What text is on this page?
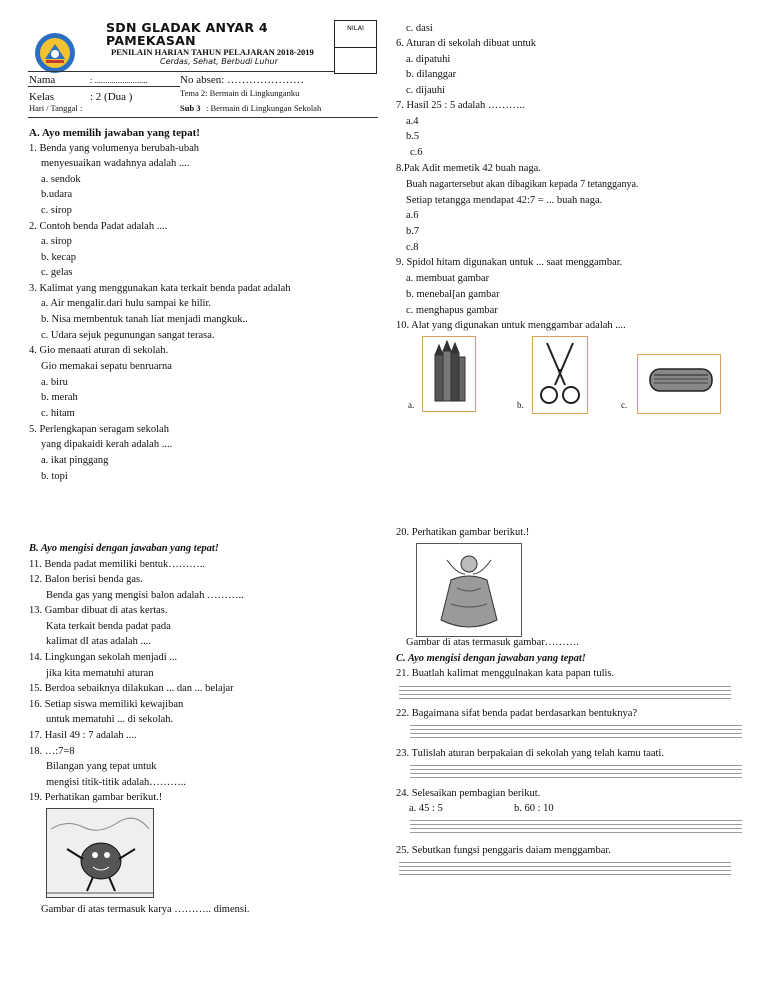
SDN GLADAK ANYAR 4
PAMEKASAN
PENILAIN HARIAN TAHUN PELAJARAN 2018-2019
Cerdas, Sehat, Berbudi Luhur
NILAI
Nama	: .........................	No absen: …………………
Kelas	: 2 (Dua )	Tema 2: Bermain di Lingkunganku
Hari / Tanggal :	Sub 3 : Bermain di Lingkungan Sekolah
A. Ayo memilih jawaban yang tepat!
1. Benda yang volumenya berubah-ubah
menyesuaikan wadahnya adalah ....
a. sendok
b.udara
c. sirop
2. Contoh benda Padat adalah ....
a. sirop
b. kecap
c. gelas
3. Kalimat yang menggunakan kata terkait benda padat adalah
a. Air mengalir.dari hulu sampai ke hilir.
b. Nisa membentuk tanah liat menjadi mangkuk..
c. Udara sejuk pegunungan sangat terasa.
4. Gio menaati aturan di sekolah.
Gio memakai sepatu benruarna
a. biru
b. merah
c. hitam
5. Perlengkapan seragam sekolah
yang dipakaidi kerah adalah ....
a. ikat pinggang
b. topi
c. dasi
6. Aturan di sekolah dibuat untuk
a. dipatuhi
b. dilanggar
c. dijauhi
7. Hasil 25 : 5 adalah ………..
a.4
b.5
c.6
8.Pak Adit memetik 42 buah naga.
Buah nagartersebut akan dibagikan kepada 7 tetangganya.
Setiap tetangga mendapat 42:7 = ... buah naga.
a.6
b.7
c.8
9. Spidol hitam digunakan untuk ... saat menggambar.
a. membuat gambar
b. menebal[an gambar
c. menghapus gambar
10. Alat yang digunakan untuk menggambar adalah ....
a.	b.	c.
B. Ayo mengisi dengan jawaban yang tepat!
11. Benda padat memiliki bentuk………..
12. Balon berisi benda gas.
Benda gas yang mengisi balon adalah ………..
13. Gambar dibuat di atas kertas.
Kata terkait benda padat pada
kalimat dI atas adalah ....
14. Lingkungan sekolah menjadi ...
jika kita mematuhi aturan
15. Berdoa sebaiknya dilakukan ... dan ... belajar
16. Setiap siswa memiliki kewajiban
untuk mematuhi ... di sekolah.
17. Hasil 49 : 7 adalah ....
18. …:7=8
Bilangan yang tepat untuk
mengisi titik-titik adalah………..
19. Perhatikan gambar berikut.!
Gambar di atas termasuk karya ……….. dimensi.
20. Perhatikan gambar berikut.!
Gambar di atas termasuk gambar……….
C. Ayo mengisi dengan jawaban yang tepat!
21. Buatlah kalimat menggulnakan kata papan tulis.
22. Bagaimana sifat benda padat berdasarkan bentuknya?
23. Tulislah aturan berpakaian di sekolah yang telah kamu taati.
24. Selesaikan pembagian berikut.
a. 45 : 5	b. 60 : 10
25. Sebutkan fungsi penggaris daiam menggambar.
